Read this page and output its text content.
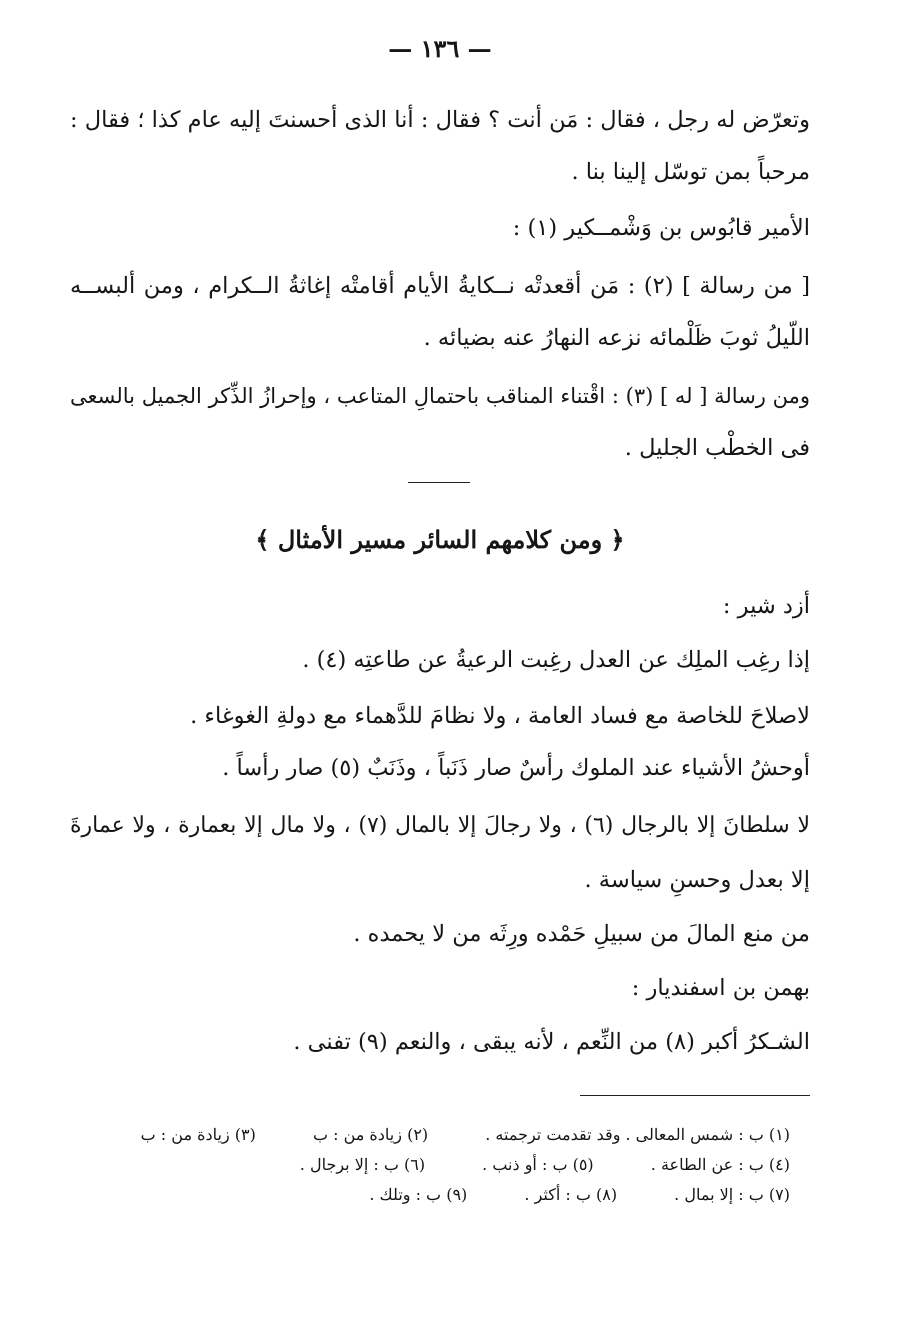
— ١٣٦ —
وتعرّض له رجل ، فقال : مَن أنت ؟ فقال : أنا الذى أحسنتَ إليه عام كذا ؛ فقال :
مرحباً بمن توسّل إلينا بنا .
الأمير قابُوس بن وَشْمــكير (١) :
[ من رسالة ] (٢) : مَن أقعدتْه نــكايةُ الأيام أقامتْه إغاثةُ الــكرام ، ومن ألبســه
اللّيلُ ثوبَ ظَلْمائه نزعه النهارُ عنه بضيائه .
ومن رسالة [ له ] (٣) : اقْتناء المناقب باحتمالِ المتاعب ، وإحرازُ الذِّكر الجميل بالسعى
فى الخطْب الجليل .
﴿ ومن كلامهم السائر مسير الأمثال ﴾
أزد شير :
إذا رغِب الملِك عن العدل رغِبت الرعيةُ عن طاعتِه (٤) .
لاصلاحَ للخاصة مع فساد العامة ، ولا نظامَ للدَّهماء مع دولةِ الغوغاء .
أوحشُ الأشياء عند الملوك رأسٌ صار ذَنَباً ، وذَنَبٌ (٥) صار رأساً .
لا سلطانَ إلا بالرجال (٦) ، ولا رجالَ إلا بالمال (٧) ، ولا مال إلا بعمارة ، ولا عمارةَ
إلا بعدل وحسنِ سياسة .
من منع المالَ من سبيلِ حَمْده ورِثَه من لا يحمده .
بهمن بن اسفنديار :
الشـكرُ أكبر (٨) من النِّعم ، لأنه يبقى ، والنعم (٩) تفنى .
(١) ب : شمس المعالى . وقد تقدمت ترجمته . (٢) زيادة من : ب (٣) زيادة من : ب
(٤) ب : عن الطاعة . (٥) ب : أو ذنب . (٦) ب : إلا برجال .
(٧) ب : إلا بمال . (٨) ب : أكثر . (٩) ب : وتلك .
